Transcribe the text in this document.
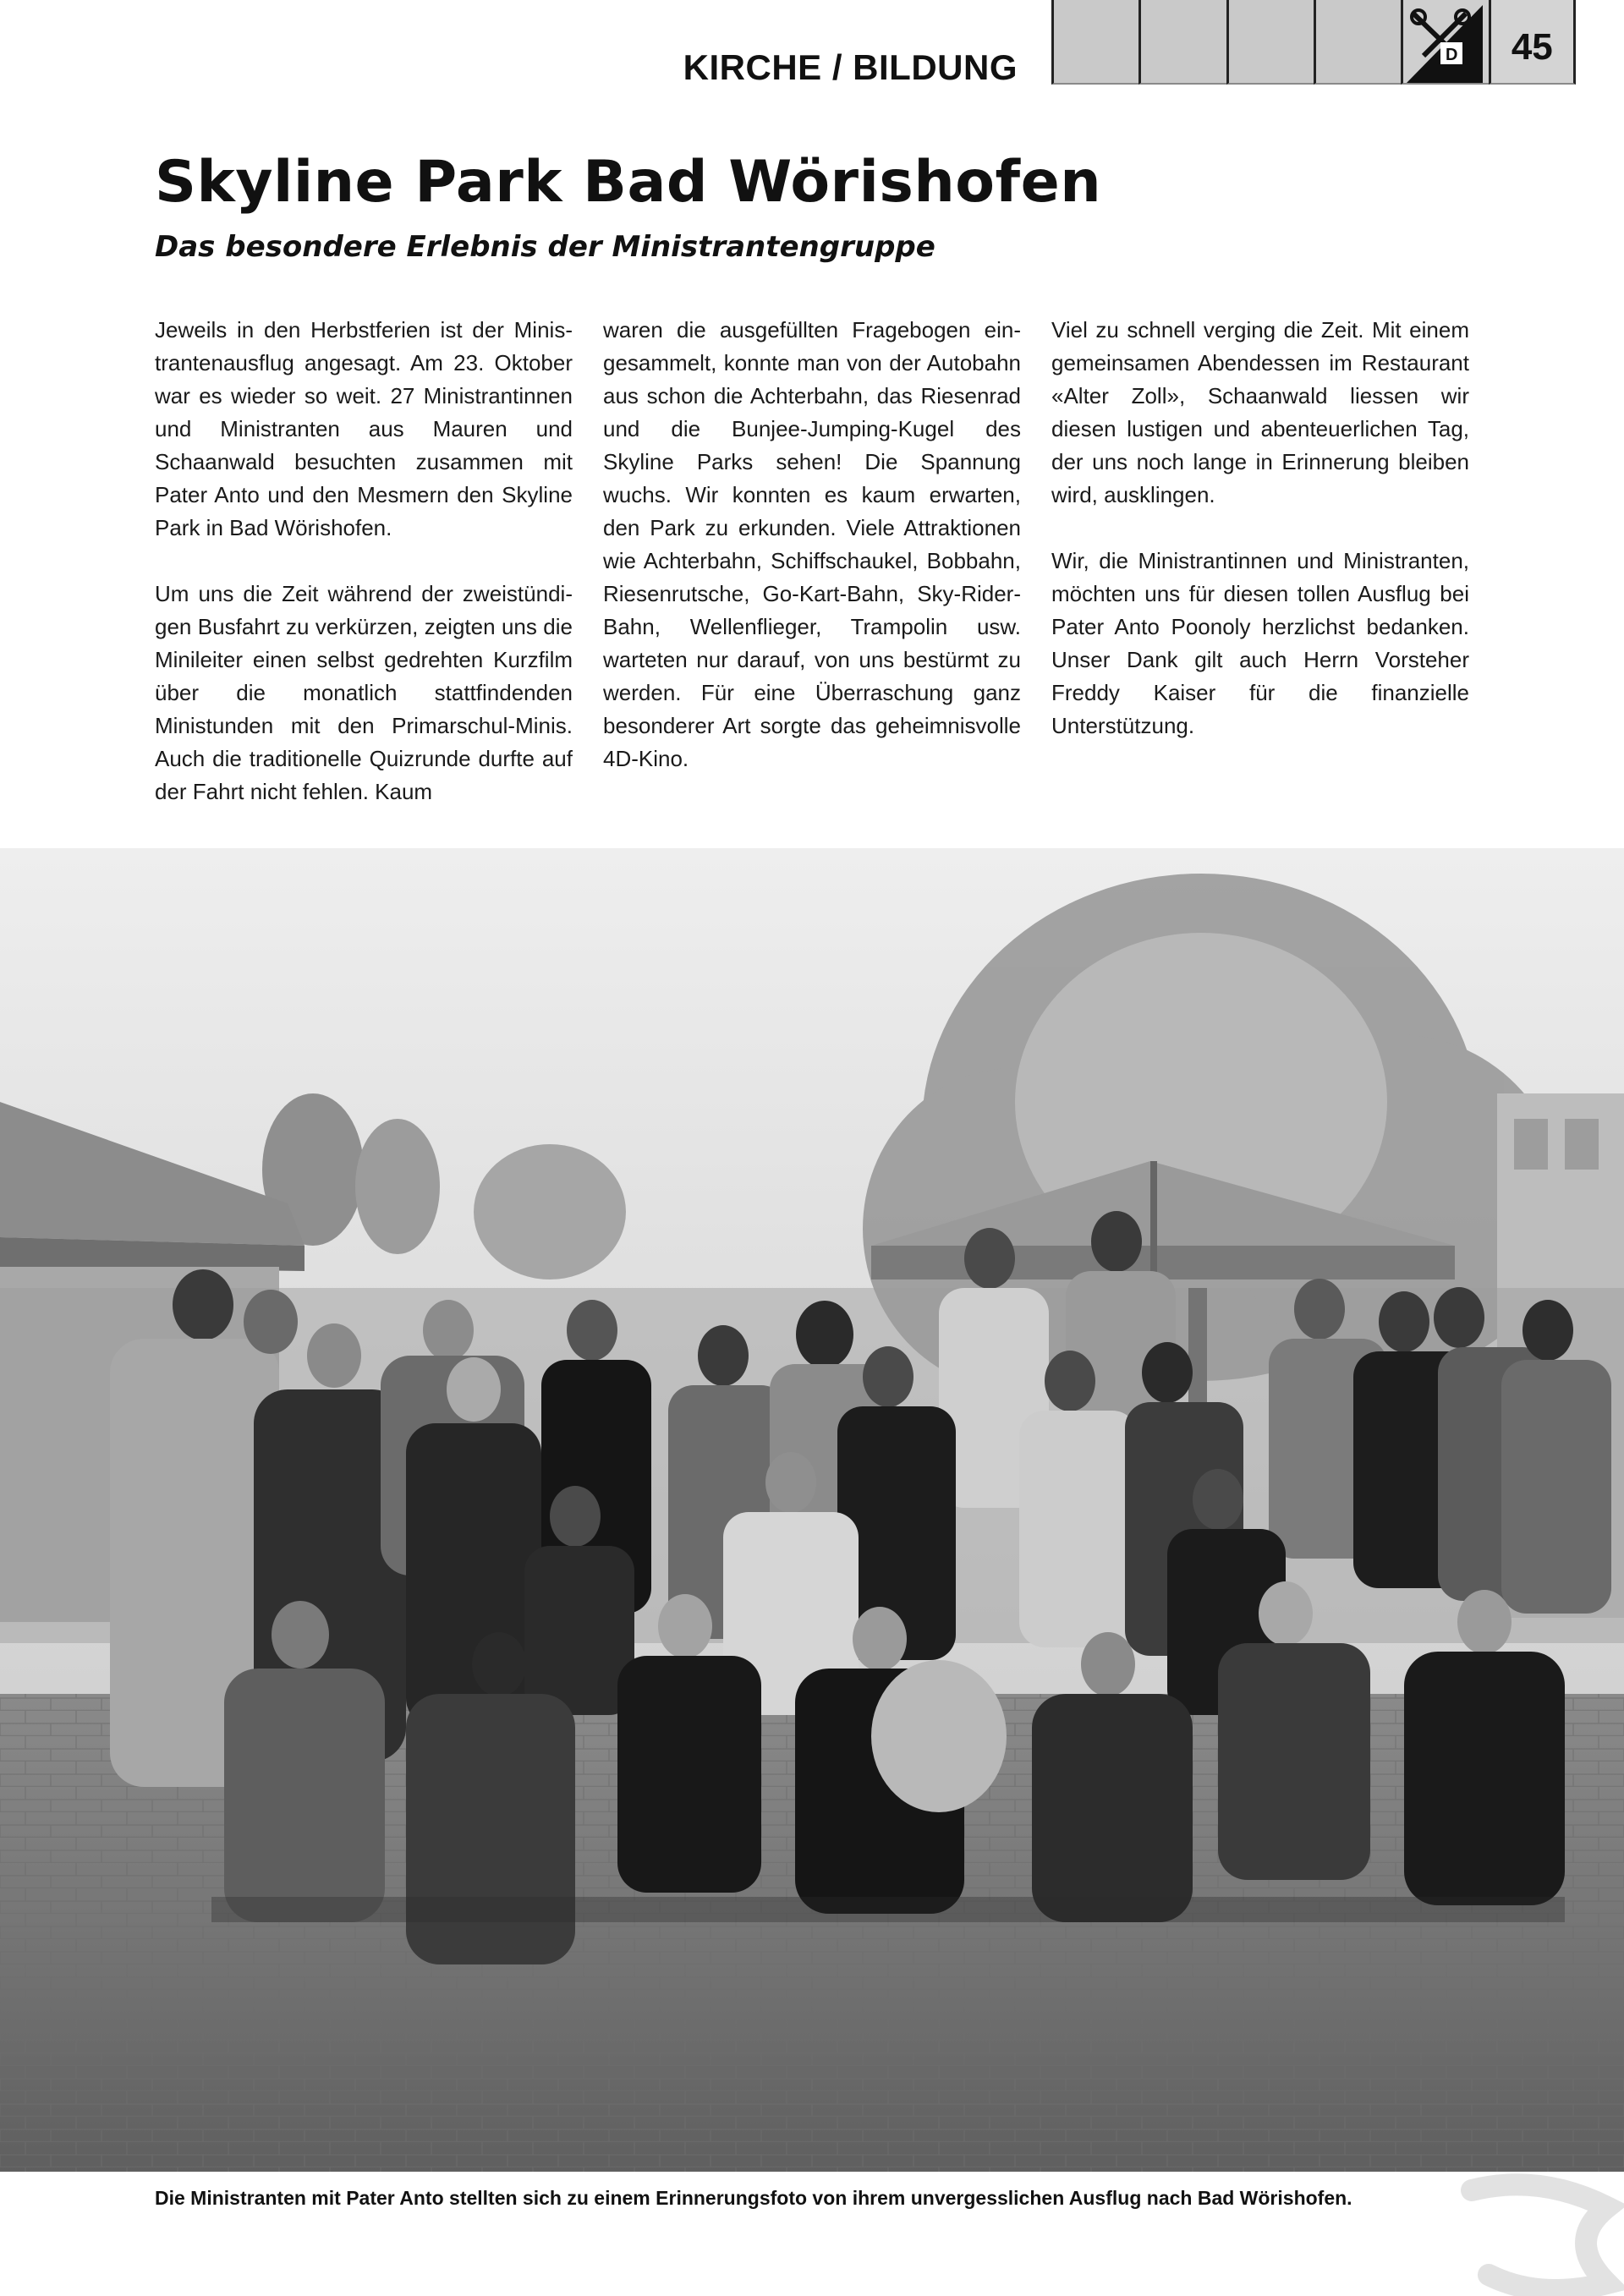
KIRCHE / BILDUNG	D 45
Skyline Park Bad Wörishofen
Das besondere Erlebnis der Ministrantengruppe

Jeweils in den Herbstferien ist der Ministrantenausflug angesagt. Am 23. Oktober war es wieder so weit. 27 Ministrantinnen und Ministranten aus Mauren und Schaanwald besuchten zusammen mit Pater Anto und den Mesmern den Skyline Park in Bad Wörishofen.

Um uns die Zeit während der zweistündigen Busfahrt zu verkürzen, zeigten uns die Minileiter einen selbst gedrehten Kurzfilm über die monatlich stattfindenden Ministunden mit den Primarschul-Minis. Auch die traditionelle Quizrunde durfte auf der Fahrt nicht fehlen. Kaum

waren die ausgefüllten Fragebogen eingesammelt, konnte man von der Autobahn aus schon die Achterbahn, das Riesenrad und die Bunjee-Jumping-Kugel des Skyline Parks sehen! Die Spannung wuchs. Wir konnten es kaum erwarten, den Park zu erkunden. Viele Attraktionen wie Achterbahn, Schiffschaukel, Bobbahn, Riesenrutsche, Go-Kart-Bahn, Sky-Rider-Bahn, Wellenflieger, Trampolin usw. warteten nur darauf, von uns bestürmt zu werden. Für eine Überraschung ganz besonderer Art sorgte das geheimnisvolle 4D-Kino.

Viel zu schnell verging die Zeit. Mit einem gemeinsamen Abendessen im Restaurant «Alter Zoll», Schaanwald liessen wir diesen lustigen und abenteuerlichen Tag, der uns noch lange in Erinnerung bleiben wird, ausklingen.

Wir, die Ministrantinnen und Ministranten, möchten uns für diesen tollen Ausflug bei Pater Anto Poonoly herzlichst bedanken. Unser Dank gilt auch Herrn Vorsteher Freddy Kaiser für die finanzielle Unterstützung.

Die Ministranten mit Pater Anto stellten sich zu einem Erinnerungsfoto von ihrem unvergesslichen Ausflug nach Bad Wörishofen.
